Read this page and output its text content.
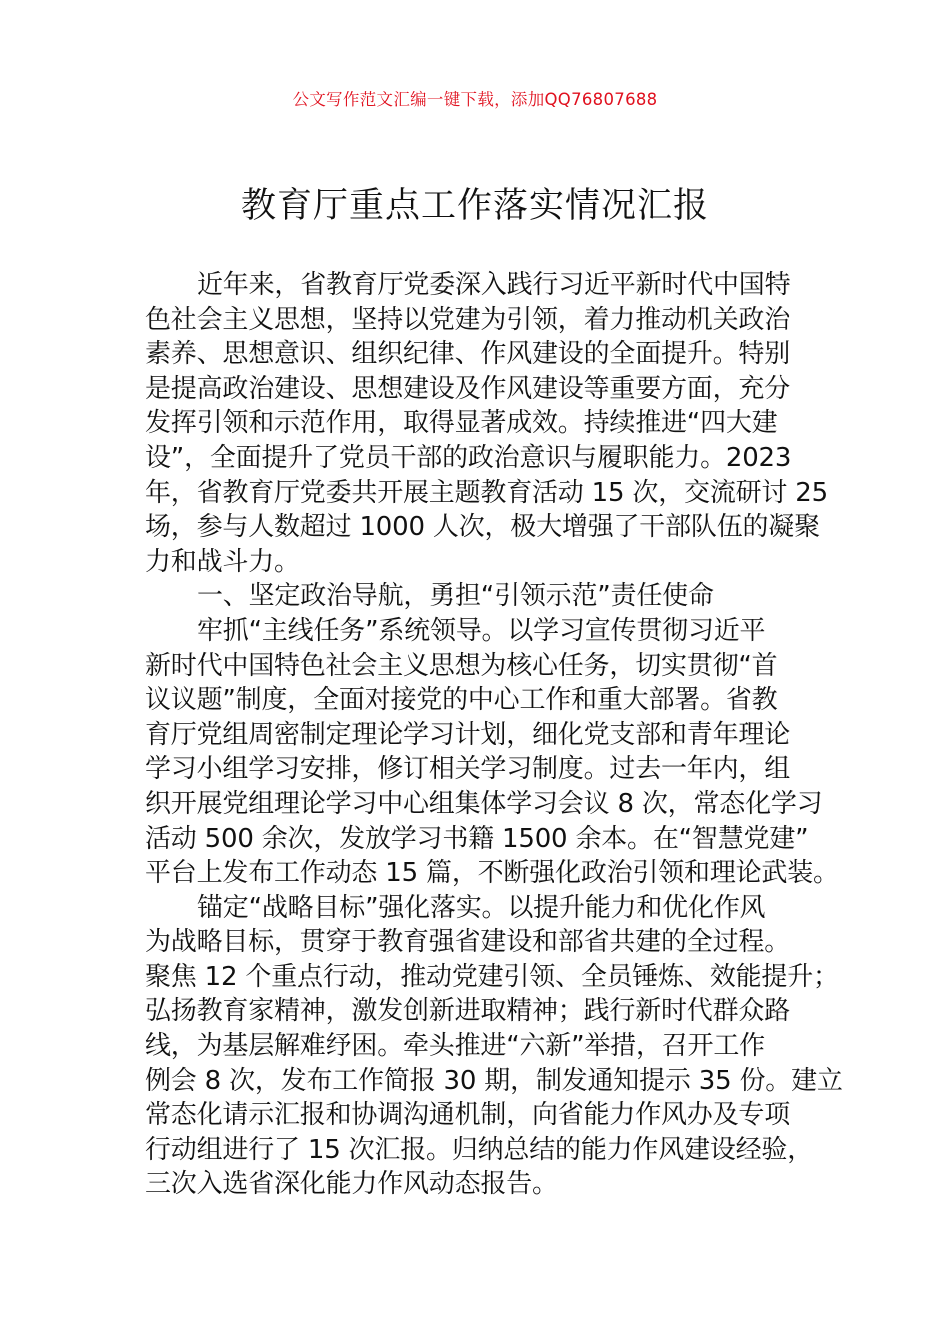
公文写作范文汇编一键下载，添加QQ76807688
教育厅重点工作落实情况汇报
近年来，省教育厅党委深入践行习近平新时代中国特
色社会主义思想，坚持以党建为引领，着力推动机关政治
素养、思想意识、组织纪律、作风建设的全面提升。特别
是提高政治建设、思想建设及作风建设等重要方面，充分
发挥引领和示范作用，取得显著成效。持续推进“四大建
设”，全面提升了党员干部的政治意识与履职能力。2023
年，省教育厅党委共开展主题教育活动 15 次，交流研讨 25
场，参与人数超过 1000 人次，极大增强了干部队伍的凝聚
力和战斗力。
一、坚定政治导航，勇担“引领示范”责任使命
牢抓“主线任务”系统领导。以学习宣传贯彻习近平
新时代中国特色社会主义思想为核心任务，切实贯彻“首
议议题”制度，全面对接党的中心工作和重大部署。省教
育厅党组周密制定理论学习计划，细化党支部和青年理论
学习小组学习安排，修订相关学习制度。过去一年内，组
织开展党组理论学习中心组集体学习会议 8 次，常态化学习
活动 500 余次，发放学习书籍 1500 余本。在“智慧党建”
平台上发布工作动态 15 篇，不断强化政治引领和理论武装。
锚定“战略目标”强化落实。以提升能力和优化作风
为战略目标，贯穿于教育强省建设和部省共建的全过程。
聚焦 12 个重点行动，推动党建引领、全员锤炼、效能提升；
弘扬教育家精神，激发创新进取精神；践行新时代群众路
线，为基层解难纾困。牵头推进“六新”举措，召开工作
例会 8 次，发布工作简报 30 期，制发通知提示 35 份。建立
常态化请示汇报和协调沟通机制，向省能力作风办及专项
行动组进行了 15 次汇报。归纳总结的能力作风建设经验，
三次入选省深化能力作风动态报告。
